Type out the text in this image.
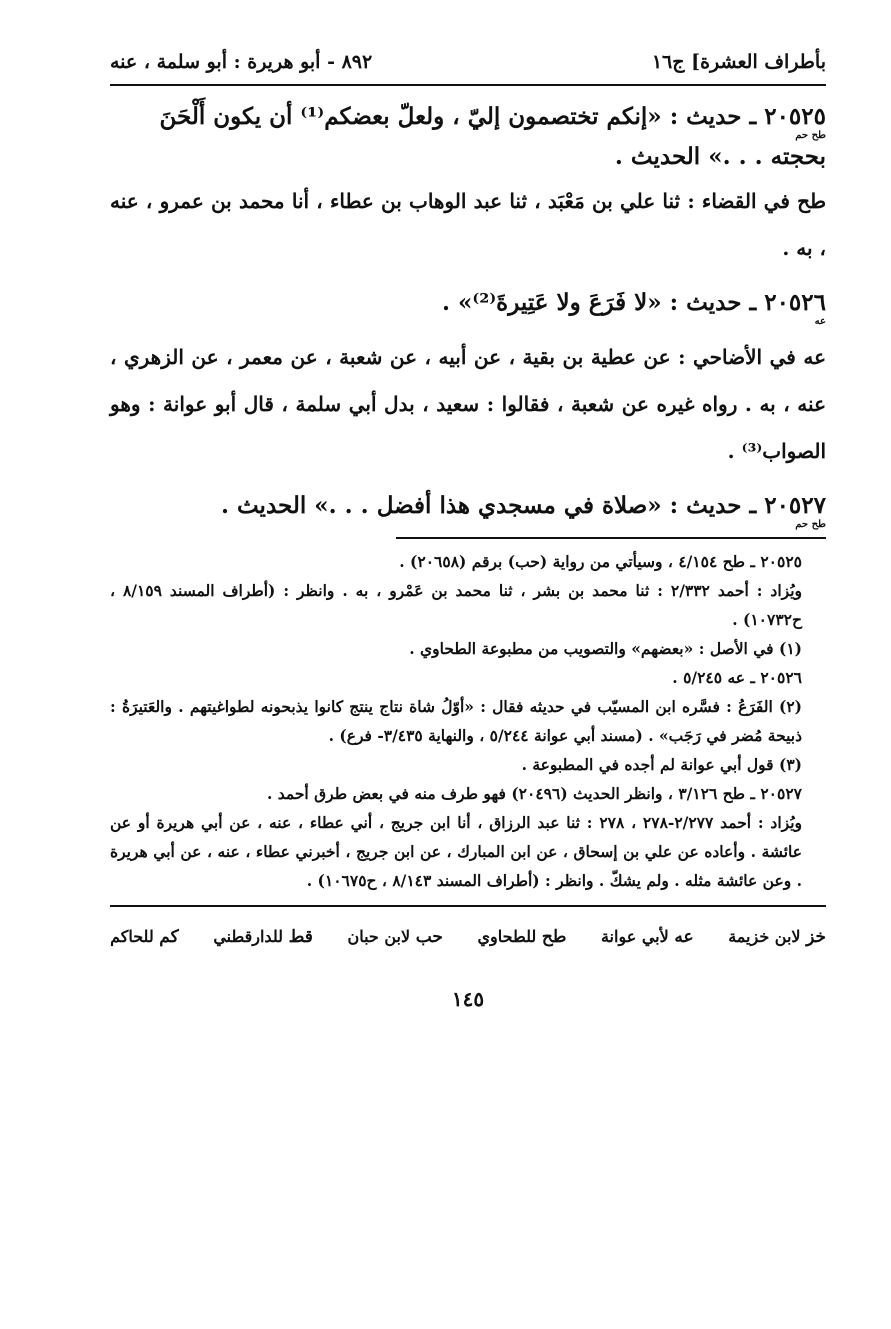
بأطراف العشرة] ج١٦
٨٩٢ - أبو هريرة : أبو سلمة ، عنه
٢٠٥٢٥ ـ حديث : «إنكم تختصمون إليّ ، ولعلّ بعضكم⁽¹⁾ أن يكون أَلْحَنَ
طح حم
بحجته . . .» الحديث .
طح في القضاء : ثنا علي بن مَعْبَد ، ثنا عبد الوهاب بن عطاء ، أنا محمد بن عمرو ، عنه ، به .
٢٠٥٢٦ ـ حديث : «لا فَرَعَ ولا عَتِيرةَ⁽²⁾» .
عه
عه في الأضاحي : عن عطية بن بقية ، عن أبيه ، عن شعبة ، عن معمر ، عن الزهري ، عنه ، به . رواه غيره عن شعبة ، فقالوا : سعيد ، بدل أبي سلمة ، قال أبو عوانة : وهو الصواب⁽³⁾ .
٢٠٥٢٧ ـ حديث : «صلاة في مسجدي هذا أفضل . . .» الحديث .
طح حم
٢٠٥٢٥ ـ طح ٤/١٥٤ ، وسيأتي من رواية (حب) برقم (٢٠٦٥٨) .
ويُزاد : أحمد ٢/٣٣٢ : ثنا محمد بن بشر ، ثنا محمد بن عَمْرو ، به . وانظر : (أطراف المسند ٨/١٥٩ ، ح١٠٧٣٢) .
(١) في الأصل : «بعضهم» والتصويب من مطبوعة الطحاوي .
٢٠٥٢٦ ـ عه ٥/٢٤٥ .
(٢) الفَرَعُ : فسَّره ابن المسيّب في حديثه فقال : «أوّلُ شاة نتاج ينتج كانوا يذبحونه لطواغيتهم . والعَتيرَةُ : ذبيحة مُضر في رَجَب» . (مسند أبي عوانة ٥/٢٤٤ ، والنهاية ٣/٤٣٥- فرع) .
(٣) قول أبي عوانة لم أجده في المطبوعة .
٢٠٥٢٧ ـ طح ٣/١٢٦ ، وانظر الحديث (٢٠٤٩٦) فهو طرف منه في بعض طرق أحمد .
ويُزاد : أحمد ٢/٢٧٧-٢٧٨ ، ٢٧٨ : ثنا عبد الرزاق ، أنا ابن جريج ، أني عطاء ، عنه ، عن أبي هريرة أو عن عائشة . وأعاده عن علي بن إسحاق ، عن ابن المبارك ، عن ابن جريج ، أخبرني عطاء ، عنه ، عن أبي هريرة . وعن عائشة مثله . ولم يشكّ . وانظر : (أطراف المسند ٨/١٤٣ ، ح١٠٦٧٥) .
خز لابن خزيمة
عه لأبي عوانة
طح للطحاوي
حب لابن حبان
قط للدارقطني
كم للحاكم
١٤٥
